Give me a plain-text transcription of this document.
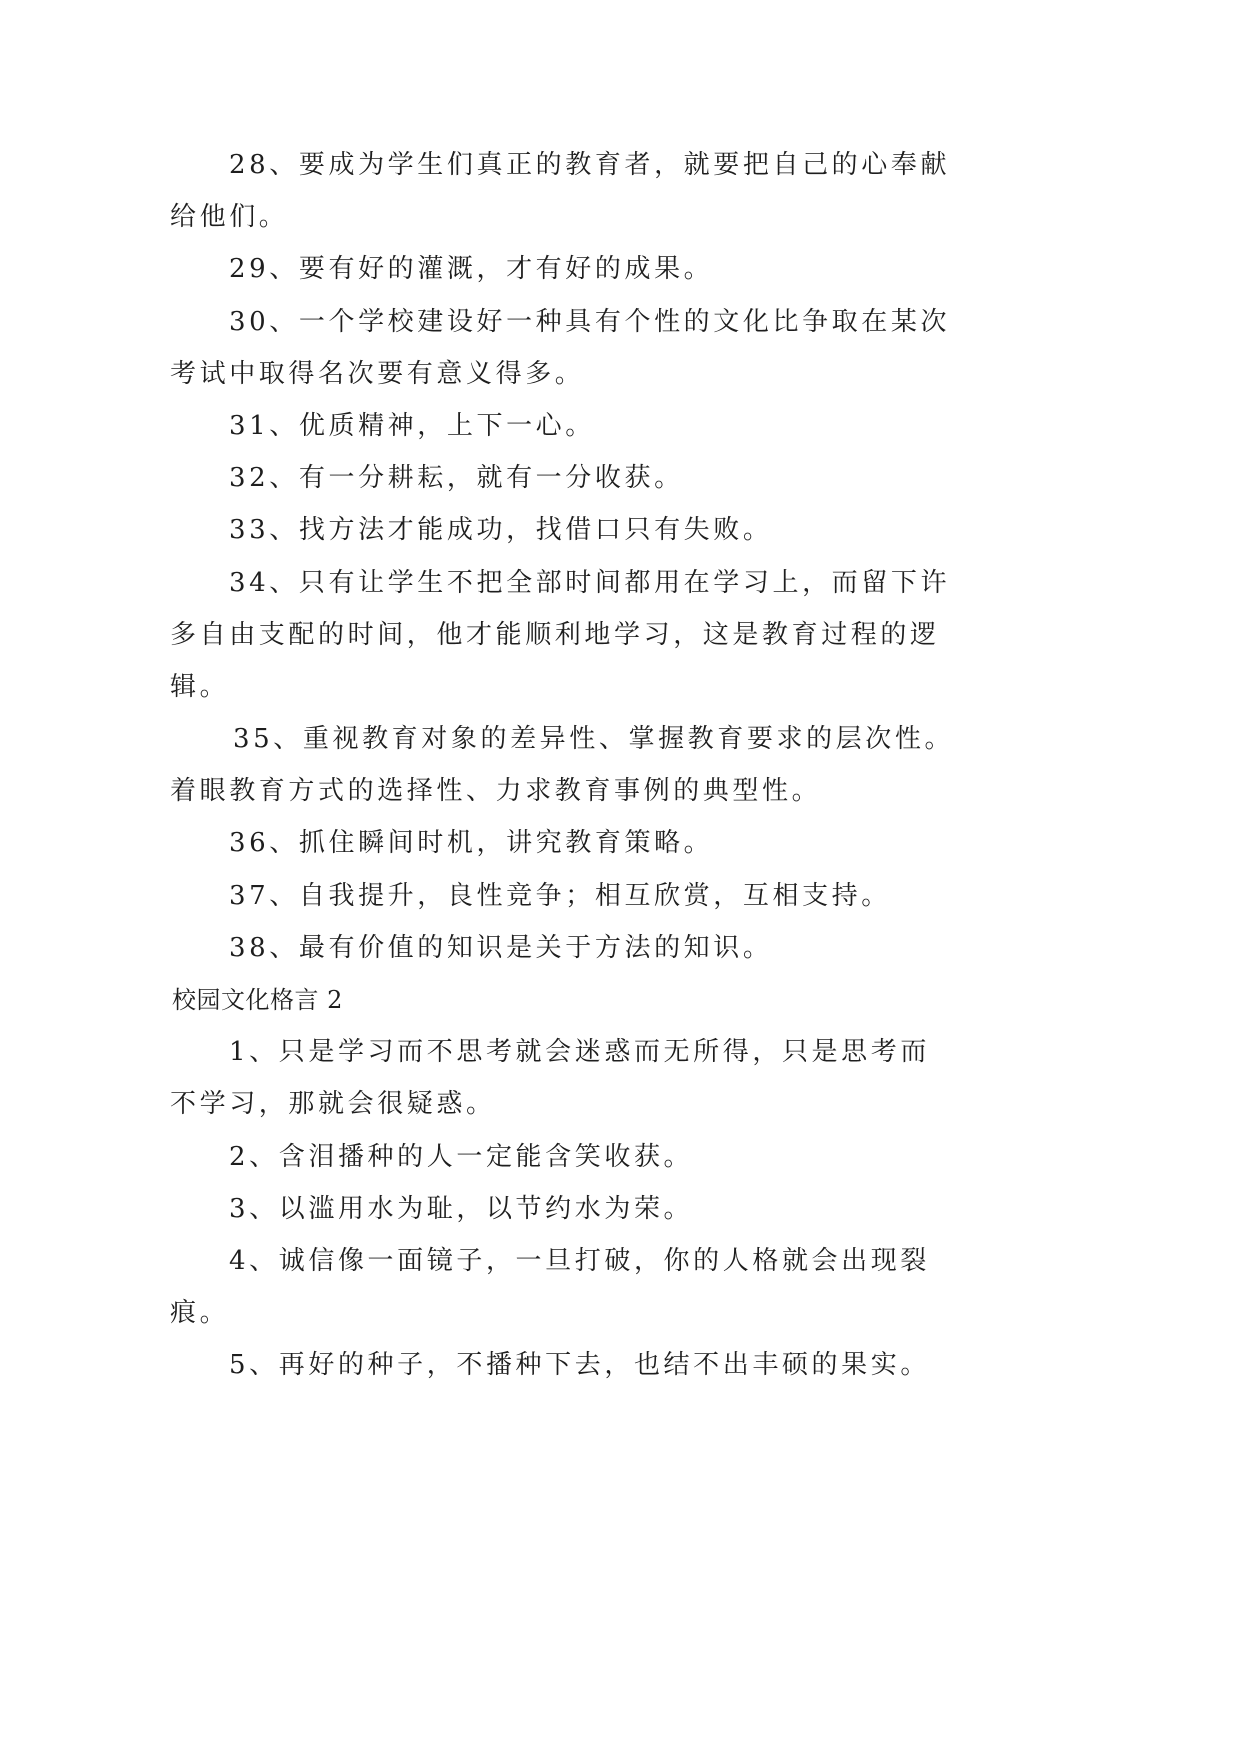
28、要成为学生们真正的教育者，就要把自己的心奉献
给他们。
29、要有好的灌溉，才有好的成果。
30、一个学校建设好一种具有个性的文化比争取在某次
考试中取得名次要有意义得多。
31、优质精神，上下一心。
32、有一分耕耘，就有一分收获。
33、找方法才能成功，找借口只有失败。
34、只有让学生不把全部时间都用在学习上，而留下许
多自由支配的时间，他才能顺利地学习，这是教育过程的逻
辑。
35、重视教育对象的差异性、掌握教育要求的层次性。
着眼教育方式的选择性、力求教育事例的典型性。
36、抓住瞬间时机，讲究教育策略。
37、自我提升，良性竞争；相互欣赏，互相支持。
38、最有价值的知识是关于方法的知识。
校园文化格言 2
1、只是学习而不思考就会迷惑而无所得，只是思考而
不学习，那就会很疑惑。
2、含泪播种的人一定能含笑收获。
3、以滥用水为耻，以节约水为荣。
4、诚信像一面镜子，一旦打破，你的人格就会出现裂
痕。
5、再好的种子，不播种下去，也结不出丰硕的果实。
